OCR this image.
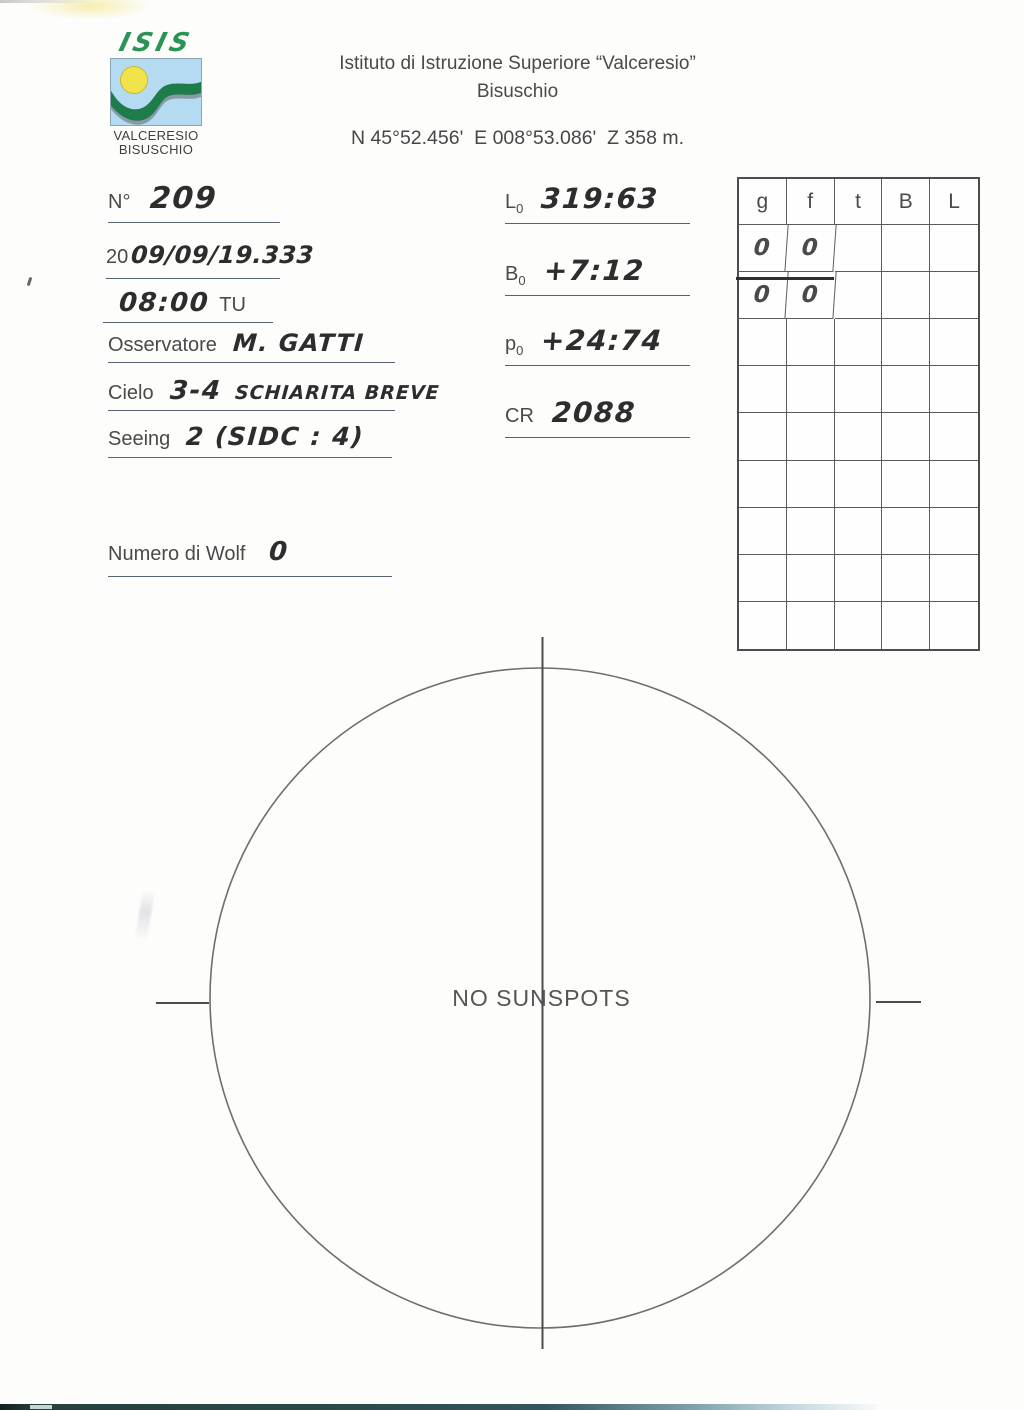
ISIS
VALCERESIO
BISUSCHIO
Istituto di Istruzione Superiore “Valceresio”
Bisuschio
N 45°52.456'  E 008°53.086'  Z 358 m.
N° 209
20 09/09/19.333
08:00 TU
Osservatore M. GATTI
Cielo 3-4 SCHIARITA BREVE
Seeing 2 (SIDC : 4)
Numero di Wolf 0
$L_0$ 319:63
$B_0$ +7:12
$p_0$ +24:74
CR 2088
g	f	t	B	L
0	0
0	0
NO SUNSPOTS
